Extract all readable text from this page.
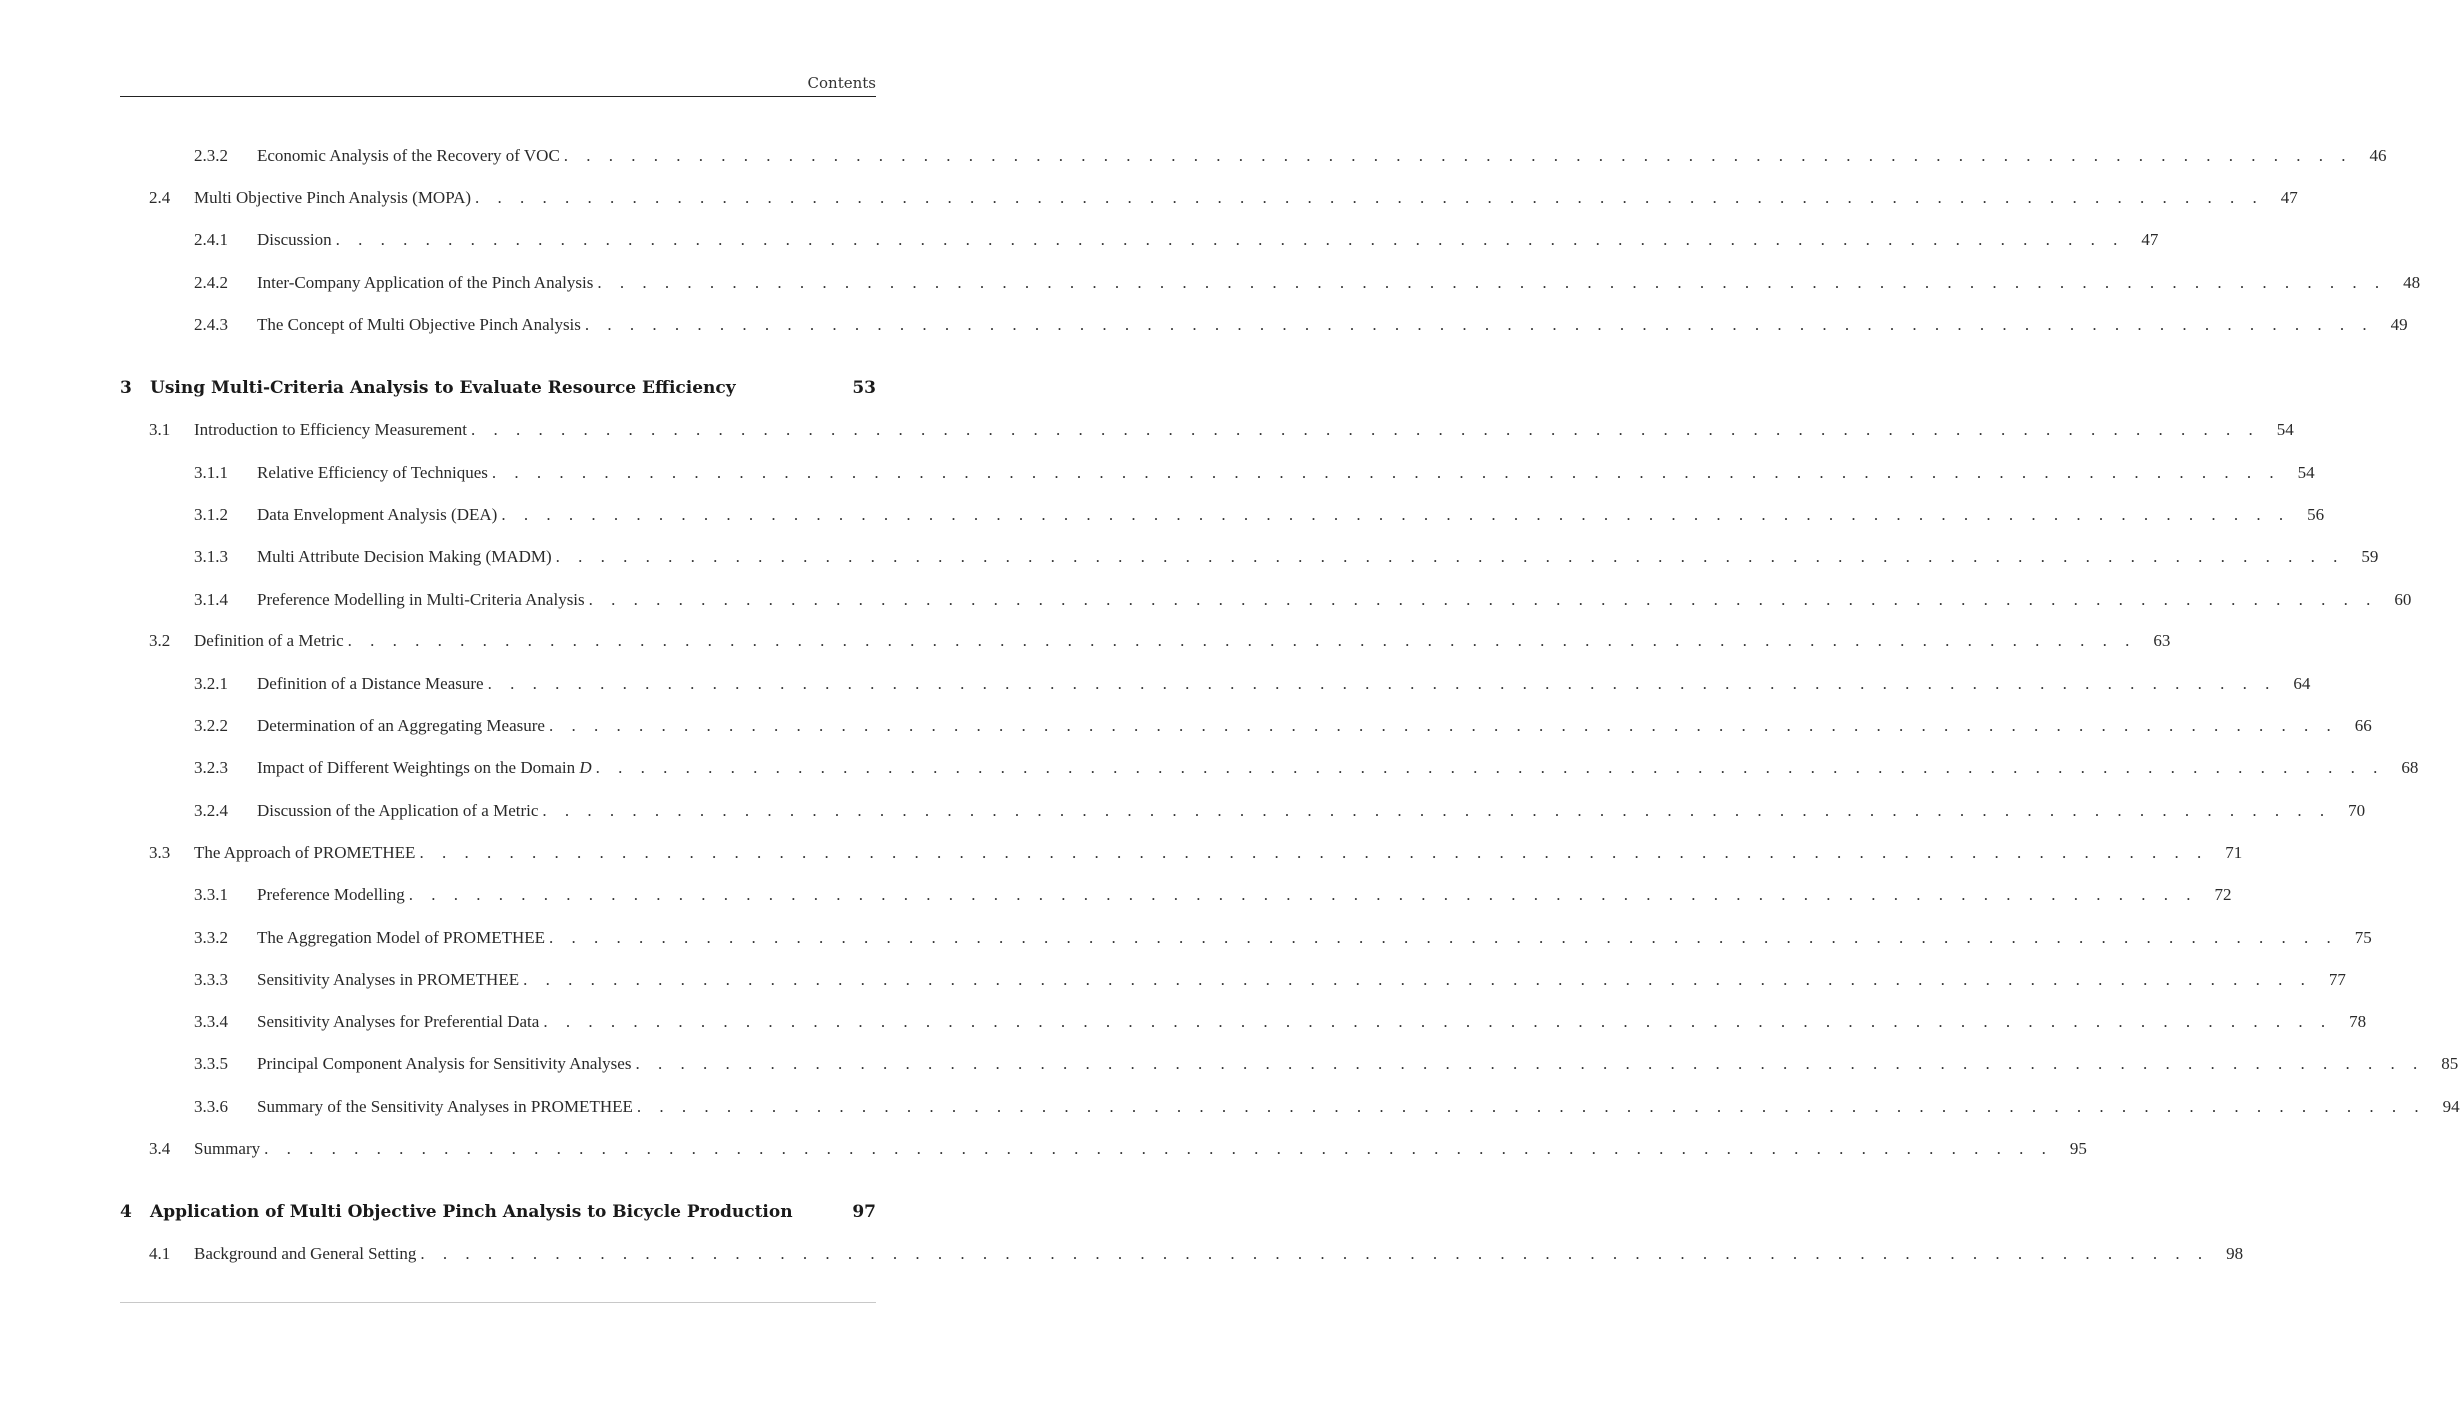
Contents
2.3.2	Economic Analysis of the Recovery of VOC . . . . . . . . . . . . . . . . . . . . . . . . . . . . . . . . . . . . . . . . . . . . . . . . . . . . . . . . . . . . . . . . . . . . . . . . . . . . . . . .	46
2.4	Multi Objective Pinch Analysis (MOPA) . . . . . . . . . . . . . . . . . . . . . . . . . . . . . . . . . . . . . . . . . . . . . . . . . . . . . . . . . . . . . . . . . . . . . . . . . . . . . . . .	47
2.4.1	Discussion . . . . . . . . . . . . . . . . . . . . . . . . . . . . . . . . . . . . . . . . . . . . . . . . . . . . . . . . . . . . . . . . . . . . . . . . . . . . . . . .	47
2.4.2	Inter-Company Application of the Pinch Analysis . . . . . . . . . . . . . . . . . . . . . . . . . . . . . . . . . . . . . . . . . . . . . . . . . . . . . . . . . . . . . . . . . . . . . . . . . . . . . . . .	48
2.4.3	The Concept of Multi Objective Pinch Analysis . . . . . . . . . . . . . . . . . . . . . . . . . . . . . . . . . . . . . . . . . . . . . . . . . . . . . . . . . . . . . . . . . . . . . . . . . . . . . . . .	49
3	Using Multi-Criteria Analysis to Evaluate Resource Efficiency	53
3.1	Introduction to Efficiency Measurement . . . . . . . . . . . . . . . . . . . . . . . . . . . . . . . . . . . . . . . . . . . . . . . . . . . . . . . . . . . . . . . . . . . . . . . . . . . . . . . .	54
3.1.1	Relative Efficiency of Techniques . . . . . . . . . . . . . . . . . . . . . . . . . . . . . . . . . . . . . . . . . . . . . . . . . . . . . . . . . . . . . . . . . . . . . . . . . . . . . . . .	54
3.1.2	Data Envelopment Analysis (DEA) . . . . . . . . . . . . . . . . . . . . . . . . . . . . . . . . . . . . . . . . . . . . . . . . . . . . . . . . . . . . . . . . . . . . . . . . . . . . . . . .	56
3.1.3	Multi Attribute Decision Making (MADM) . . . . . . . . . . . . . . . . . . . . . . . . . . . . . . . . . . . . . . . . . . . . . . . . . . . . . . . . . . . . . . . . . . . . . . . . . . . . . . . .	59
3.1.4	Preference Modelling in Multi-Criteria Analysis . . . . . . . . . . . . . . . . . . . . . . . . . . . . . . . . . . . . . . . . . . . . . . . . . . . . . . . . . . . . . . . . . . . . . . . . . . . . . . . .	60
3.2	Definition of a Metric . . . . . . . . . . . . . . . . . . . . . . . . . . . . . . . . . . . . . . . . . . . . . . . . . . . . . . . . . . . . . . . . . . . . . . . . . . . . . . . .	63
3.2.1	Definition of a Distance Measure . . . . . . . . . . . . . . . . . . . . . . . . . . . . . . . . . . . . . . . . . . . . . . . . . . . . . . . . . . . . . . . . . . . . . . . . . . . . . . . .	64
3.2.2	Determination of an Aggregating Measure . . . . . . . . . . . . . . . . . . . . . . . . . . . . . . . . . . . . . . . . . . . . . . . . . . . . . . . . . . . . . . . . . . . . . . . . . . . . . . . .	66
3.2.3	Impact of Different Weightings on the Domain D . . . . . . . . . . . . . . . . . . . . . . . . . . . . . . . . . . . . . . . . . . . . . . . . . . . . . . . . . . . . . . . . . . . . . . . . . . . . . . . .	68
3.2.4	Discussion of the Application of a Metric . . . . . . . . . . . . . . . . . . . . . . . . . . . . . . . . . . . . . . . . . . . . . . . . . . . . . . . . . . . . . . . . . . . . . . . . . . . . . . . .	70
3.3	The Approach of PROMETHEE . . . . . . . . . . . . . . . . . . . . . . . . . . . . . . . . . . . . . . . . . . . . . . . . . . . . . . . . . . . . . . . . . . . . . . . . . . . . . . . .	71
3.3.1	Preference Modelling . . . . . . . . . . . . . . . . . . . . . . . . . . . . . . . . . . . . . . . . . . . . . . . . . . . . . . . . . . . . . . . . . . . . . . . . . . . . . . . .	72
3.3.2	The Aggregation Model of PROMETHEE . . . . . . . . . . . . . . . . . . . . . . . . . . . . . . . . . . . . . . . . . . . . . . . . . . . . . . . . . . . . . . . . . . . . . . . . . . . . . . . .	75
3.3.3	Sensitivity Analyses in PROMETHEE . . . . . . . . . . . . . . . . . . . . . . . . . . . . . . . . . . . . . . . . . . . . . . . . . . . . . . . . . . . . . . . . . . . . . . . . . . . . . . . .	77
3.3.4	Sensitivity Analyses for Preferential Data . . . . . . . . . . . . . . . . . . . . . . . . . . . . . . . . . . . . . . . . . . . . . . . . . . . . . . . . . . . . . . . . . . . . . . . . . . . . . . . .	78
3.3.5	Principal Component Analysis for Sensitivity Analyses . . . . . . . . . . . . . . . . . . . . . . . . . . . . . . . . . . . . . . . . . . . . . . . . . . . . . . . . . . . . . . . . . . . . . . . . . . . . . . . .	85
3.3.6	Summary of the Sensitivity Analyses in PROMETHEE . . . . . . . . . . . . . . . . . . . . . . . . . . . . . . . . . . . . . . . . . . . . . . . . . . . . . . . . . . . . . . . . . . . . . . . . . . . . . . . .	94
3.4	Summary . . . . . . . . . . . . . . . . . . . . . . . . . . . . . . . . . . . . . . . . . . . . . . . . . . . . . . . . . . . . . . . . . . . . . . . . . . . . . . . .	95
4	Application of Multi Objective Pinch Analysis to Bicycle Production	97
4.1	Background and General Setting . . . . . . . . . . . . . . . . . . . . . . . . . . . . . . . . . . . . . . . . . . . . . . . . . . . . . . . . . . . . . . . . . . . . . . . . . . . . . . . .	98
